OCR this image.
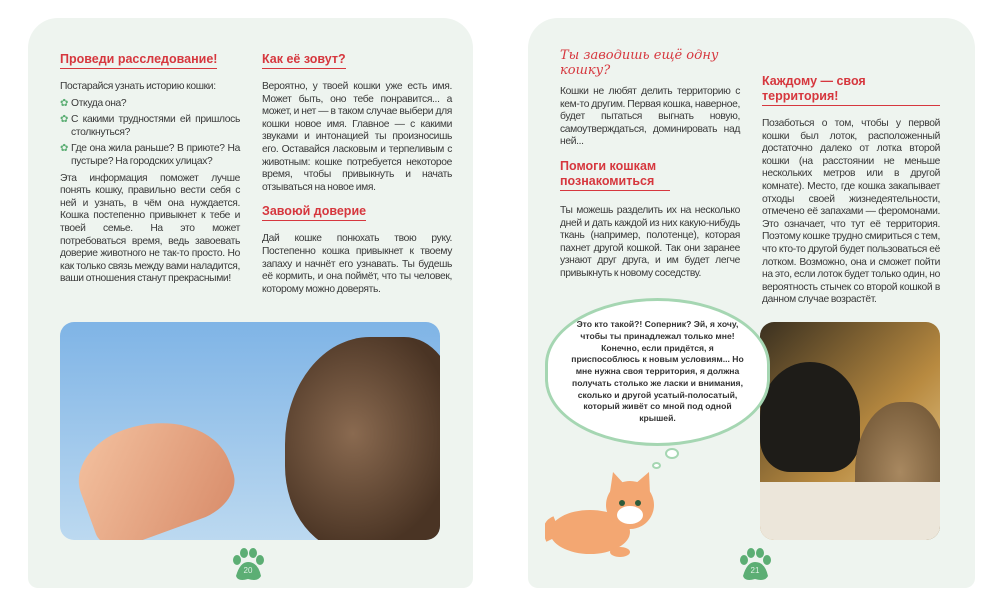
Проведи расследование!

Постарайся узнать историю кошки:

✿ Откуда она?

✿ С какими трудностями ей пришлось столкнуться?

✿ Где она жила раньше? В приюте? На пустыре? На городских улицах?

Эта информация поможет лучше понять кошку, правильно вести себя с ней и узнать, в чём она нуждается. Кошка постепенно привыкнет к тебе и твоей семье. На это может потребоваться время, ведь завоевать доверие животного не так-то просто. Но как только связь между вами наладится, ваши отношения станут прекрасными!

Как её зовут?
Вероятно, у твоей кошки уже есть имя. Может быть, оно тебе понравится... а может, и нет — в таком случае выбери для кошки новое имя. Главное — с какими звуками и интонацией ты произносишь его. Оставайся ласковым и терпеливым с животным: кошке потребуется некоторое время, чтобы привыкнуть и начать отзываться на новое имя.
Завоюй доверие
Дай кошке понюхать твою руку. Постепенно кошка привыкнет к твоему запаху и начнёт его узнавать. Ты будешь её кормить, и она поймёт, что ты человек, которому можно доверять.
20
Ты заводишь ещё одну кошку?
Кошки не любят делить территорию с кем-то другим. Первая кошка, наверное, будет пытаться выгнать новую, самоутверждаться, доминировать над ней...
Помоги кошкам познакомиться
Ты можешь разделить их на несколько дней и дать каждой из них какую-нибудь ткань (например, полотенце), которая пахнет другой кошкой. Так они заранее узнают друг друга, и им будет легче привыкнуть к новому соседству.
Каждому — своя территория!
Позаботься о том, чтобы у первой кошки был лоток, расположенный достаточно далеко от лотка второй кошки (на расстоянии не меньше нескольких метров или в другой комнате). Место, где кошка закапывает отходы своей жизнедеятельности, отмечено её запахами — феромонами. Это означает, что тут её территория. Поэтому кошке трудно смириться с тем, что кто-то другой будет пользоваться её лотком. Возможно, она и сможет пойти на это, если лоток будет только один, но вероятность стычек со второй кошкой в данном случае возрастёт.
Это кто такой?! Соперник? Эй, я хочу, чтобы ты принадлежал только мне! Конечно, если придётся, я приспособлюсь к новым условиям... Но мне нужна своя территория, я должна получать столько же ласки и внимания, сколько и другой усатый-полосатый, который живёт со мной под одной крышей.
21
